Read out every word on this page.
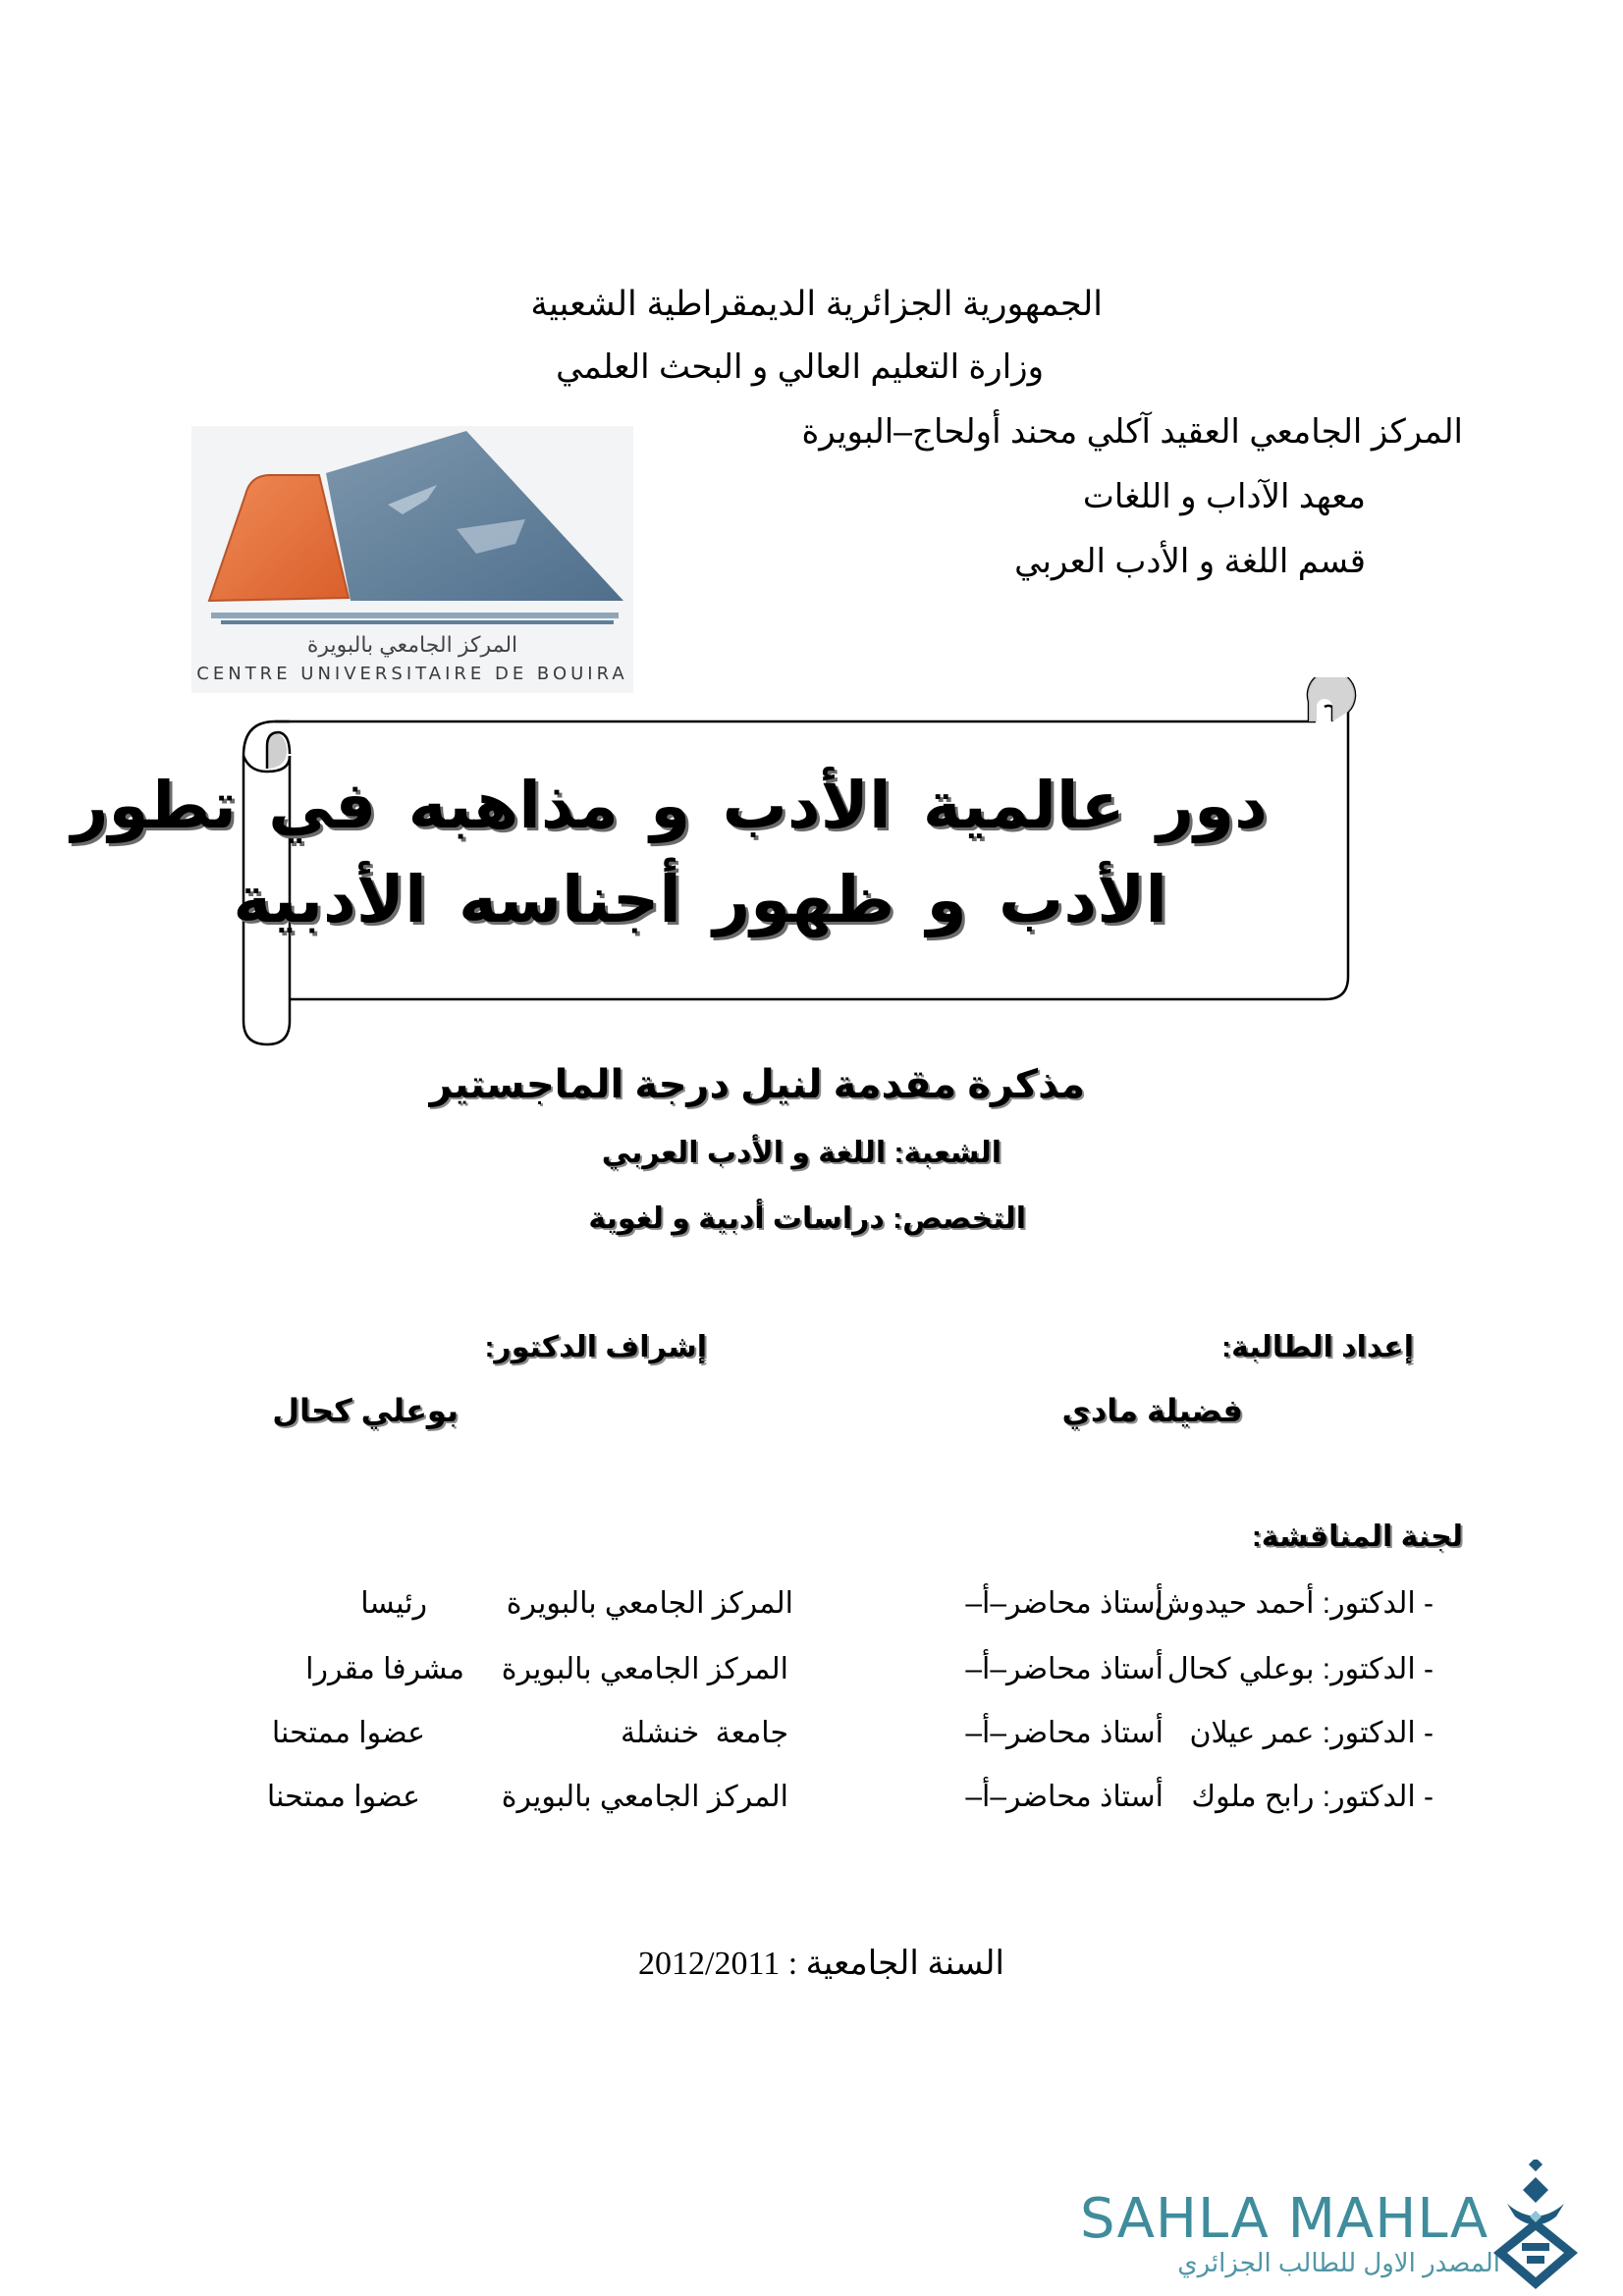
الجمهورية الجزائرية الديمقراطية الشعبية
وزارة التعليم العالي و البحث العلمي
المركز الجامعي العقيد آكلي محند أولحاج–البويرة
معهد الآداب و اللغات
قسم اللغة و الأدب العربي
المركز الجامعي بالبويرة
CENTRE UNIVERSITAIRE DE BOUIRA
دور عالمية الأدب و مذاهبه في تطور
الأدب و ظهور أجناسه الأدبية
مذكرة مقدمة لنيل درجة الماجستير
الشعبة: اللغة و الأدب العربي
التخصص: دراسات أدبية و لغوية
إعداد الطالبة:
إشراف الدكتور:
فضيلة مادي
بوعلي كحال
لجنة المناقشة:
- الدكتور: أحمد حيدوش
أستاذ محاضر–أ–
المركز الجامعي بالبويرة
رئيسا
- الدكتور: بوعلي كحال
أستاذ محاضر–أ–
المركز الجامعي بالبويرة
مشرفا مقررا
- الدكتور: عمر عيلان
أستاذ محاضر–أ–
جامعة خنشلة
عضوا ممتحنا
- الدكتور: رابح ملوك
أستاذ محاضر–أ–
المركز الجامعي بالبويرة
عضوا ممتحنا
السنة الجامعية : 2012/2011
SAHLA MAHLA
المصدر الاول للطالب الجزائري
